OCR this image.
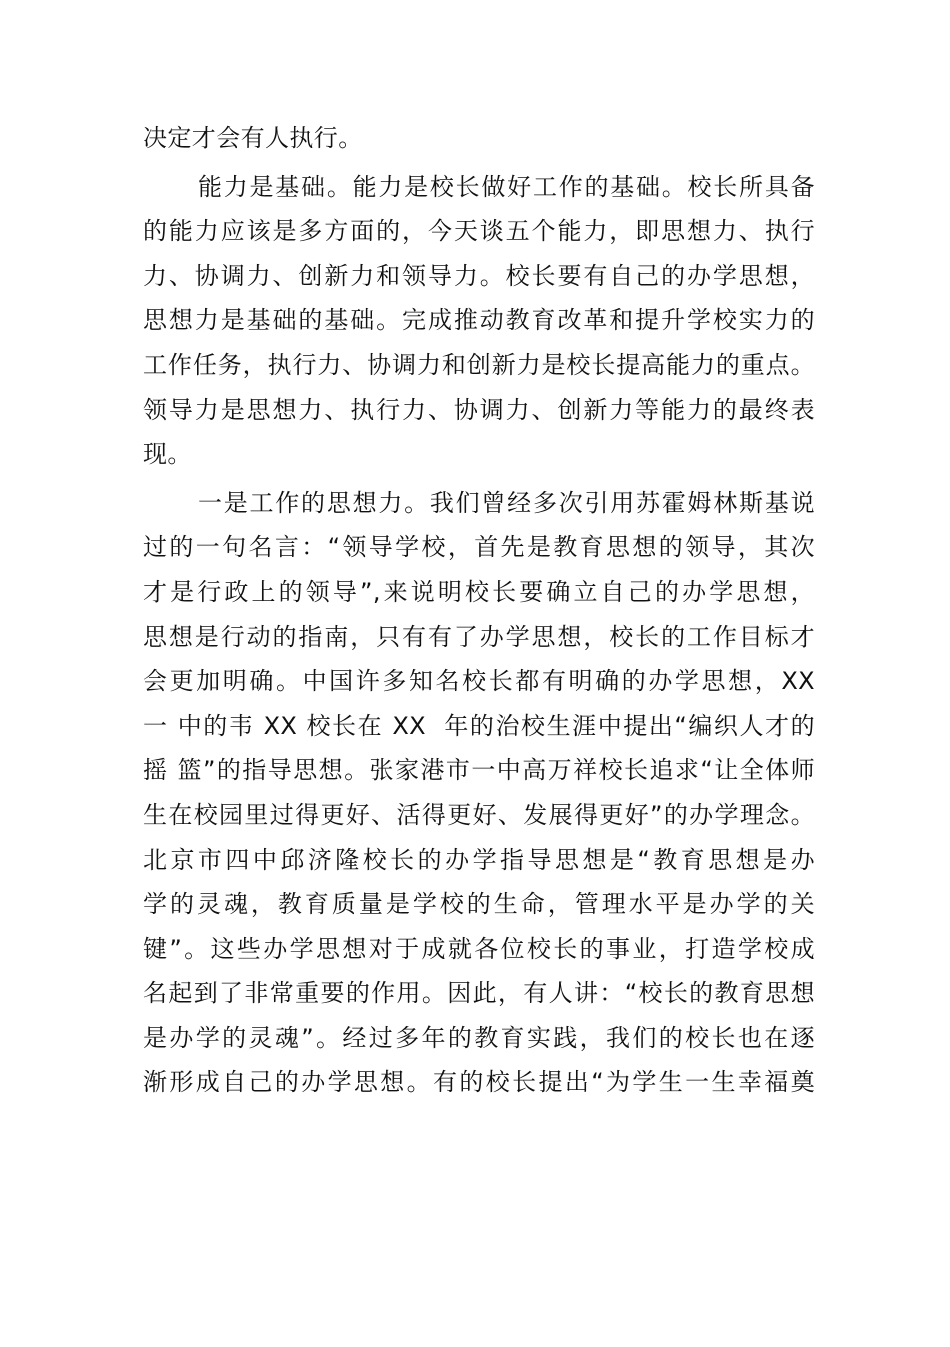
决定才会有人执行。
能力是基础。能力是校长做好工作的基础。校长所具备
的能力应该是多方面的，今天谈五个能力，即思想力、执行
力、协调力、创新力和领导力。校长要有自己的办学思想，
思想力是基础的基础。完成推动教育改革和提升学校实力的
工作任务，执行力、协调力和创新力是校长提高能力的重点。
领导力是思想力、执行力、协调力、创新力等能力的最终表
现。
一是工作的思想力。我们曾经多次引用苏霍姆林斯基说
过的一句名言：“领导学校，首先是教育思想的领导，其次
才是行政上的领导”,来说明校长要确立自己的办学思想，
思想是行动的指南，只有有了办学思想，校长的工作目标才
会更加明确。中国许多知名校长都有明确的办学思想，XX
一 中的韦 XX 校长在 XX  年的治校生涯中提出“编织人才的
摇 篮”的指导思想。张家港市一中高万祥校长追求“让全体师
生在校园里过得更好、活得更好、发展得更好”的办学理念。
北京市四中邱济隆校长的办学指导思想是“教育思想是办
学的灵魂，教育质量是学校的生命，管理水平是办学的关
键”。这些办学思想对于成就各位校长的事业，打造学校成
名起到了非常重要的作用。因此，有人讲：“校长的教育思想
是办学的灵魂”。经过多年的教育实践，我们的校长也在逐
渐形成自己的办学思想。有的校长提出“为学生一生幸福奠
